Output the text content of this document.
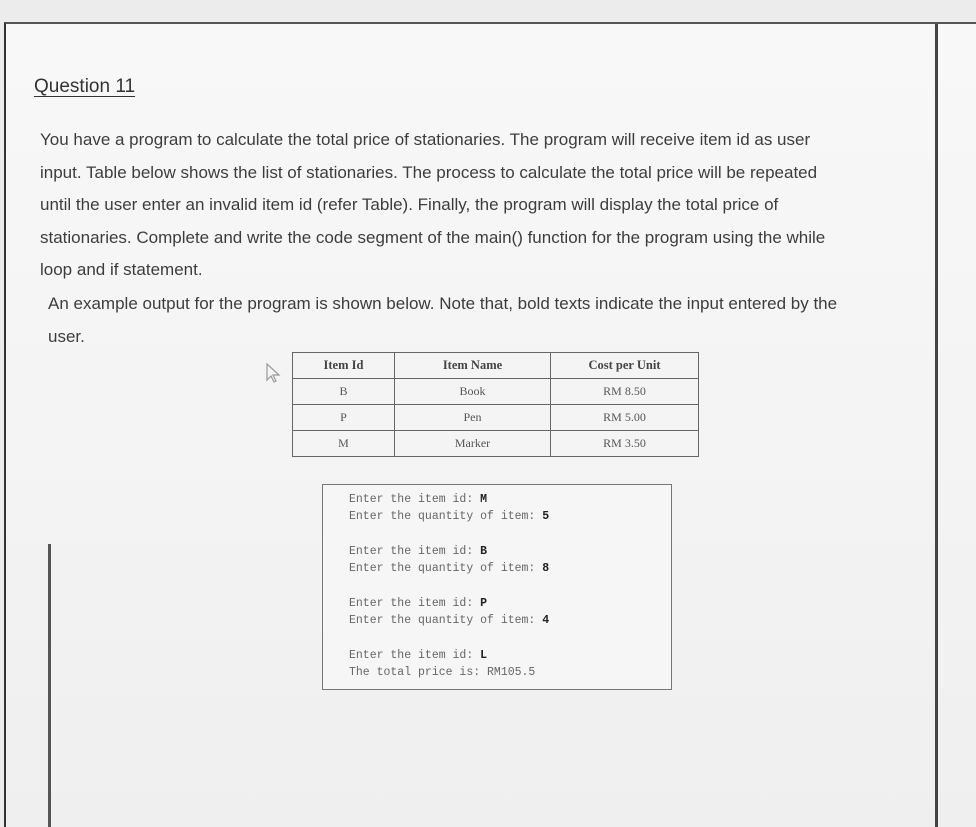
Question 11

You have a program to calculate the total price of stationaries. The program will receive item id as user

input. Table below shows the list of stationaries. The process to calculate the total price will be repeated

until the user enter an invalid item id (refer Table). Finally, the program will display the total price of

stationaries. Complete and write the code segment of the main() function for the program using the while

loop and if statement.

An example output for the program is shown below. Note that, bold texts indicate the input entered by the

user.

Item Id	Item Name	Cost per Unit
B	Book	RM 8.50
P	Pen	RM 5.00
M	Marker	RM 3.50
Enter the item id: M
Enter the quantity of item: 5
Enter the item id: B
Enter the quantity of item: 8
Enter the item id: P
Enter the quantity of item: 4
Enter the item id: L
The total price is: RM105.5
